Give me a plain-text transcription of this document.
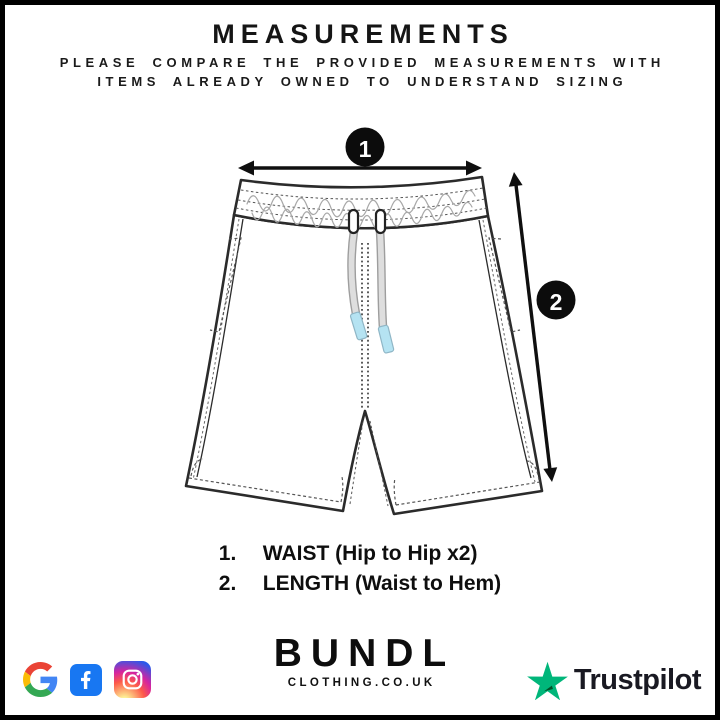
MEASUREMENTS

PLEASE COMPARE THE PROVIDED MEASUREMENTS WITH

ITEMS ALREADY OWNED TO UNDERSTAND SIZING

1
2
1.	WAIST (Hip to Hip x2)
2.	LENGTH (Waist to Hem)
BUNDL
CLOTHING.CO.UK	Trustpilot
